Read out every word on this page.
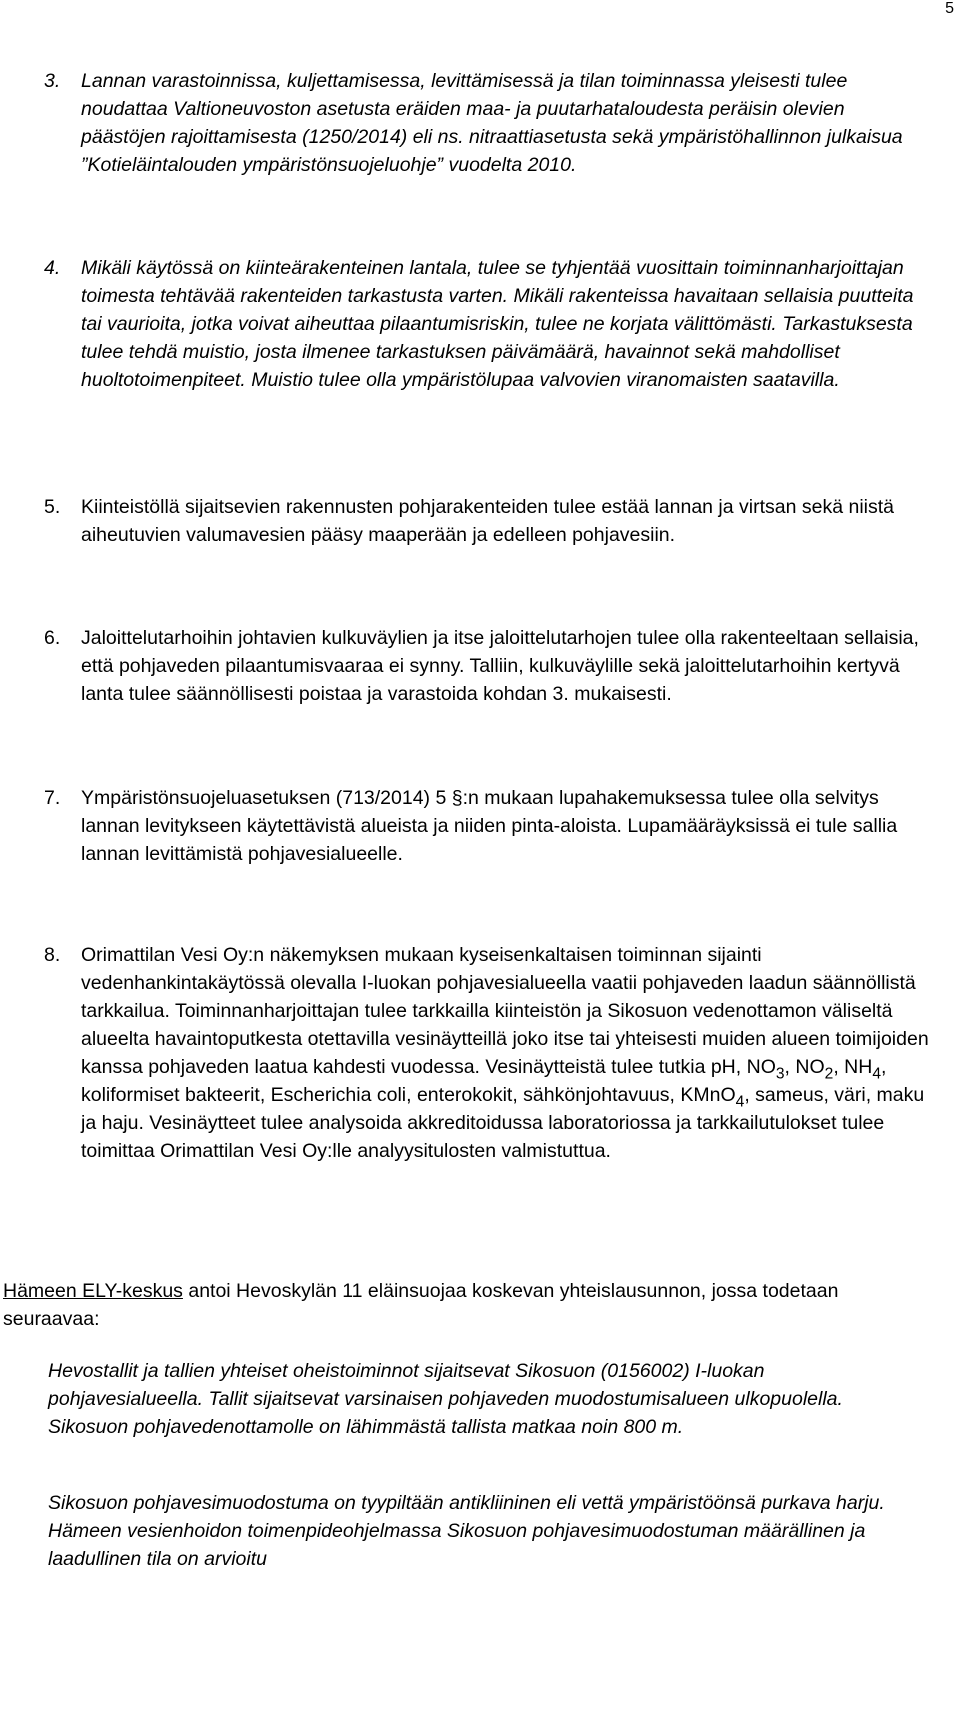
5
3.	Lannan varastoinnissa, kuljettamisessa, levittämisessä ja tilan toiminnassa yleisesti tulee noudattaa Valtioneuvoston asetusta eräiden maa- ja puutarhataloudesta peräisin olevien päästöjen rajoittamisesta (1250/2014) eli ns. nitraattiasetusta sekä ympäristöhallinnon julkaisua ”Kotieläintalouden ympäristönsuojeluohje” vuodelta 2010.
4.	Mikäli käytössä on kiinteärakenteinen lantala, tulee se tyhjentää vuosittain toiminnanharjoittajan toimesta tehtävää rakenteiden tarkastusta varten. Mikäli rakenteissa havaitaan sellaisia puutteita tai vaurioita, jotka voivat aiheuttaa pilaantumisriskin, tulee ne korjata välittömästi. Tarkastuksesta tulee tehdä muistio, josta ilmenee tarkastuksen päivämäärä, havainnot sekä mahdolliset huoltotoimenpiteet. Muistio tulee olla ympäristölupaa valvovien viranomaisten saatavilla.
5.	Kiinteistöllä sijaitsevien rakennusten pohjarakenteiden tulee estää lannan ja virtsan sekä niistä aiheutuvien valumavesien pääsy maaperään ja edelleen pohjavesiin.
6.	Jaloittelutarhoihin johtavien kulkuväylien ja itse jaloittelutarhojen tulee olla rakenteeltaan sellaisia, että pohjaveden pilaantumisvaaraa ei synny. Talliin, kulkuväylille sekä jaloittelutarhoihin kertyvä lanta tulee säännöllisesti poistaa ja varastoida kohdan 3. mukaisesti.
7.	Ympäristönsuojeluasetuksen (713/2014) 5 §:n mukaan lupahakemuksessa tulee olla selvitys lannan levitykseen käytettävistä alueista ja niiden pinta-aloista. Lupamääräyksissä ei tule sallia lannan levittämistä pohjavesialueelle.
8.	Orimattilan Vesi Oy:n näkemyksen mukaan kyseisenkaltaisen toiminnan sijainti vedenhankintakäytössä olevalla I-luokan pohjavesialueella vaatii pohjaveden laadun säännöllistä tarkkailua. Toiminnanharjoittajan tulee tarkkailla kiinteistön ja Sikosuon vedenottamon väliseltä alueelta havaintoputkesta otettavilla vesinäytteillä joko itse tai yhteisesti muiden alueen toimijoiden kanssa pohjaveden laatua kahdesti vuodessa. Vesinäytteistä tulee tutkia pH, $NO_3$, $NO_2$, $NH_4$, koliformiset bakteerit, Escherichia coli, enterokokit, sähkönjohtavuus, KMnO$_4$, sameus, väri, maku ja haju. Vesinäytteet tulee analysoida akkreditoidussa laboratoriossa ja tarkkailutulokset tulee toimittaa Orimattilan Vesi Oy:lle analyysitulosten valmistuttua.
Hämeen ELY-keskus antoi Hevoskylän 11 eläinsuojaa koskevan yhteislausunnon, jossa todetaan seuraavaa:
Hevostallit ja tallien yhteiset oheistoiminnot sijaitsevat Sikosuon (0156002) I-luokan pohjavesialueella. Tallit sijaitsevat varsinaisen pohjaveden muodostumisalueen ulkopuolella. Sikosuon pohjavedenottamolle on lähimmästä tallista matkaa noin 800 m.
Sikosuon pohjavesimuodostuma on tyypiltään antikliininen eli vettä ympäristöönsä purkava harju. Hämeen vesienhoidon toimenpideohjelmassa Sikosuon pohjavesimuodostuman määrällinen ja laadullinen tila on arvioitu
